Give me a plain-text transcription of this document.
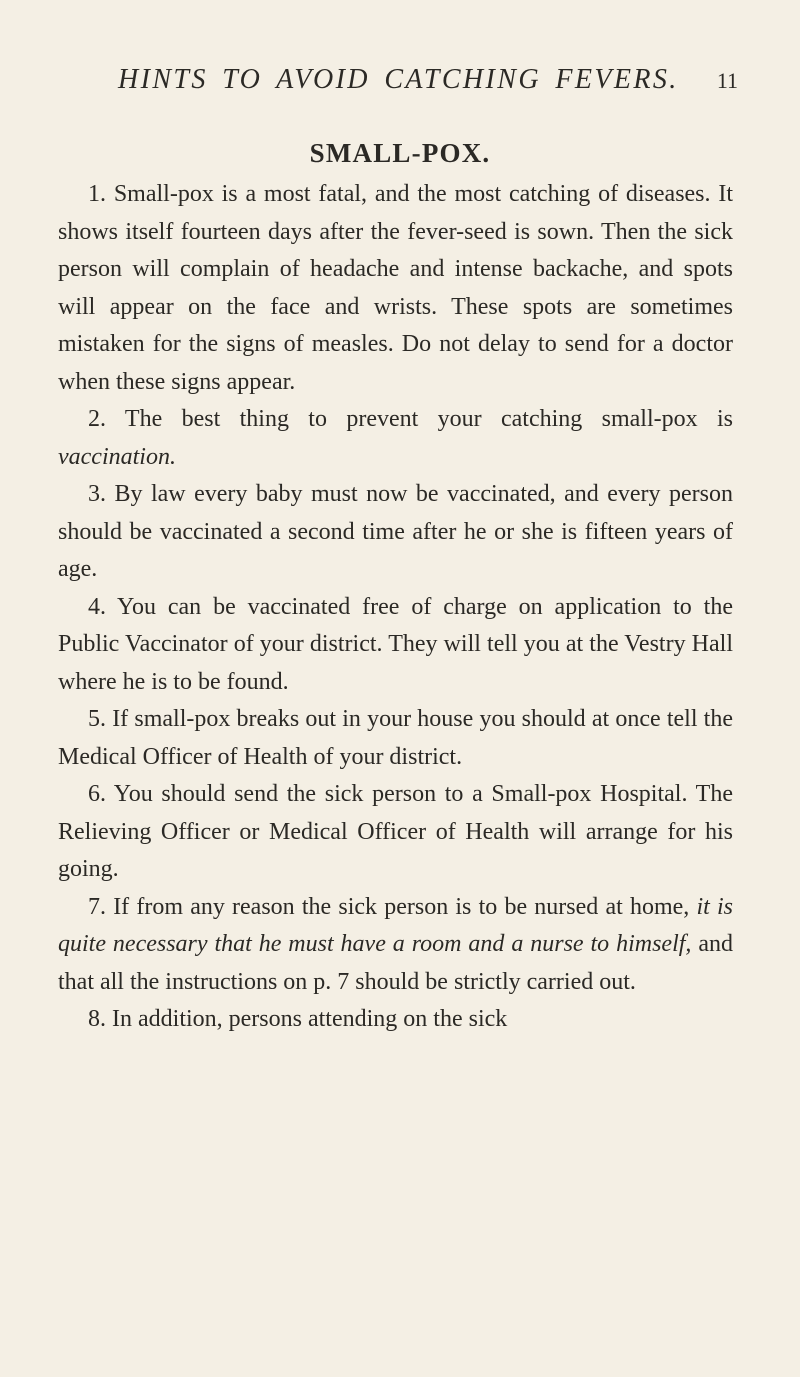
HINTS TO AVOID CATCHING FEVERS. 11
SMALL-POX.

1. Small-pox is a most fatal, and the most catching of diseases. It shows itself fourteen days after the fever-seed is sown. Then the sick person will complain of headache and intense backache, and spots will appear on the face and wrists. These spots are sometimes mistaken for the signs of measles. Do not delay to send for a doctor when these signs appear.

2. The best thing to prevent your catching small-pox is vaccination.

3. By law every baby must now be vaccinated, and every person should be vaccinated a second time after he or she is fifteen years of age.

4. You can be vaccinated free of charge on application to the Public Vaccinator of your district. They will tell you at the Vestry Hall where he is to be found.

5. If small-pox breaks out in your house you should at once tell the Medical Officer of Health of your district.

6. You should send the sick person to a Small-pox Hospital. The Relieving Officer or Medical Officer of Health will arrange for his going.

7. If from any reason the sick person is to be nursed at home, it is quite necessary that he must have a room and a nurse to himself, and that all the instructions on p. 7 should be strictly carried out.

8. In addition, persons attending on the sick
